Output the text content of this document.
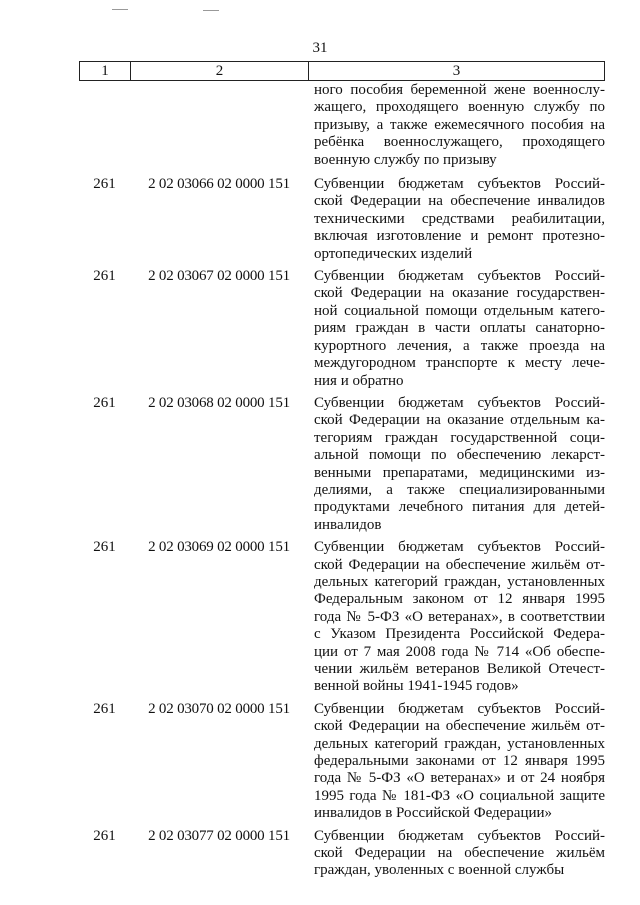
31
1	2	3
ного пособия беременной жене военнослу-
жащего, проходящего военную службу по
призыву, а также ежемесячного пособия на
ребёнка военнослужащего, проходящего
военную службу по призыву
261	2 02 03066 02 0000 151	Субвенции бюджетам субъектов Россий-
ской Федерации на обеспечение инвалидов
техническими средствами реабилитации,
включая изготовление и ремонт протезно-
ортопедических изделий
261	2 02 03067 02 0000 151	Субвенции бюджетам субъектов Россий-
ской Федерации на оказание государствен-
ной социальной помощи отдельным катего-
риям граждан в части оплаты санаторно-
курортного лечения, а также проезда на
междугородном транспорте к месту лече-
ния и обратно
261	2 02 03068 02 0000 151	Субвенции бюджетам субъектов Россий-
ской Федерации на оказание отдельным ка-
тегориям граждан государственной соци-
альной помощи по обеспечению лекарст-
венными препаратами, медицинскими из-
делиями, а также специализированными
продуктами лечебного питания для детей-
инвалидов
261	2 02 03069 02 0000 151	Субвенции бюджетам субъектов Россий-
ской Федерации на обеспечение жильём от-
дельных категорий граждан, установленных
Федеральным законом от 12 января 1995
года № 5-ФЗ «О ветеранах», в соответствии
с Указом Президента Российской Федера-
ции от 7 мая 2008 года № 714 «Об обеспе-
чении жильём ветеранов Великой Отечест-
венной войны 1941-1945 годов»
261	2 02 03070 02 0000 151	Субвенции бюджетам субъектов Россий-
ской Федерации на обеспечение жильём от-
дельных категорий граждан, установленных
федеральными законами от 12 января 1995
года № 5-ФЗ «О ветеранах» и от 24 ноября
1995 года № 181-ФЗ «О социальной защите
инвалидов в Российской Федерации»
261	2 02 03077 02 0000 151	Субвенции бюджетам субъектов Россий-
ской Федерации на обеспечение жильём
граждан, уволенных с военной службы
